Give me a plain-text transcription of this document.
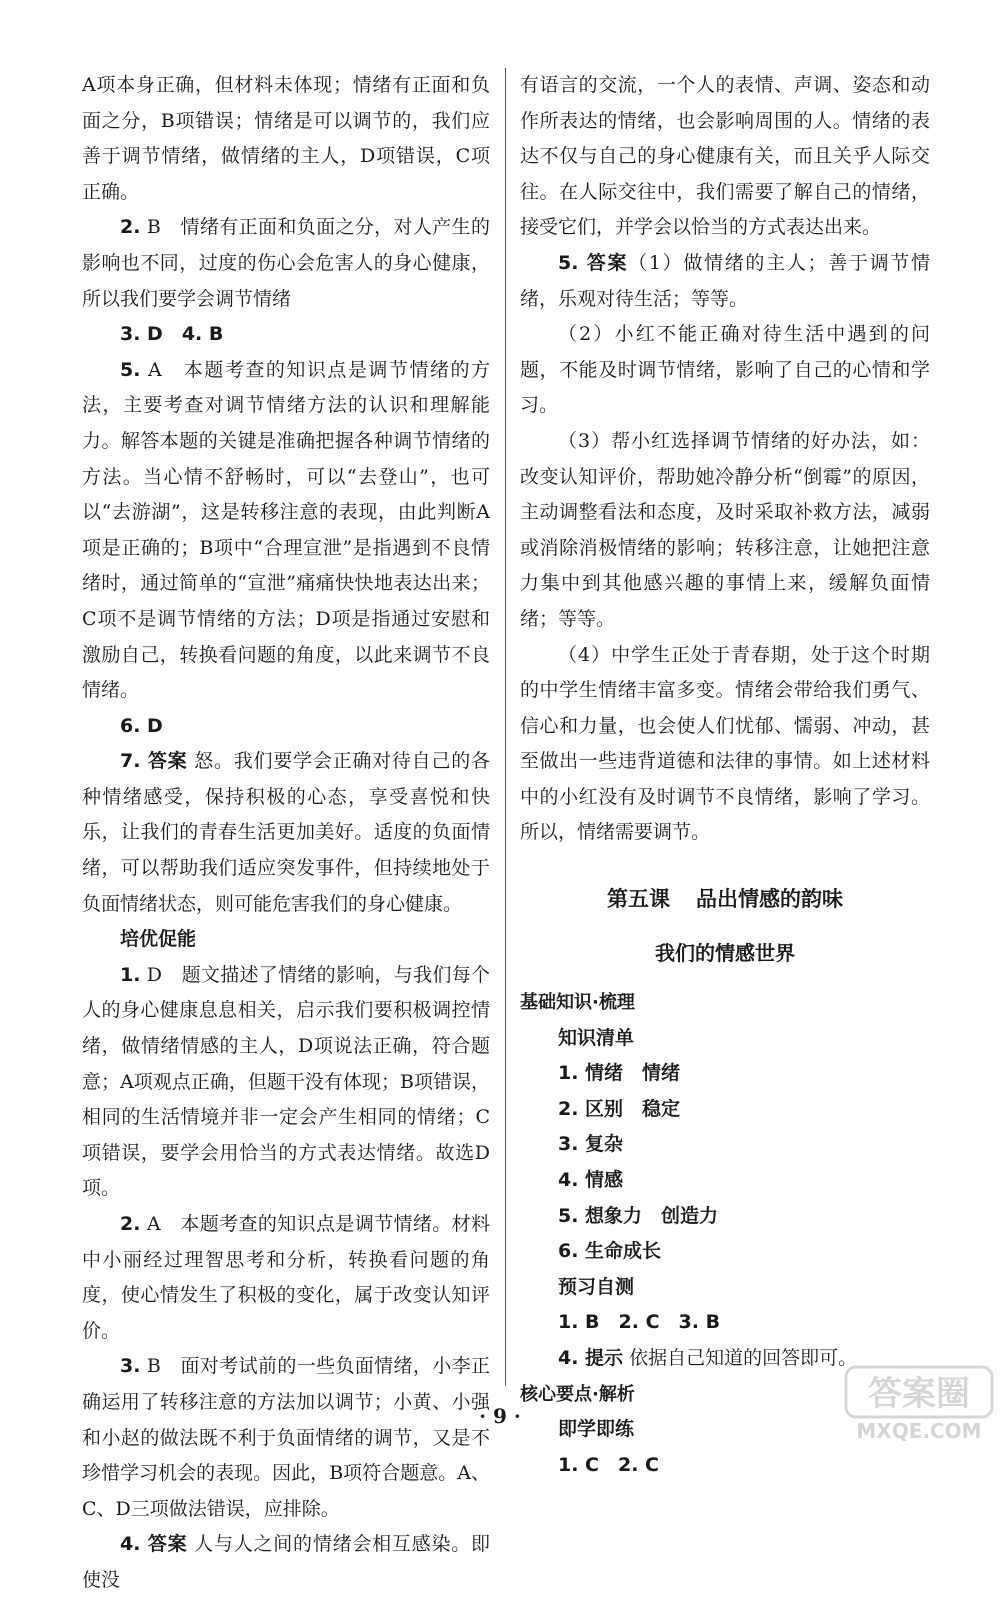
A项本身正确，但材料未体现；情绪有正面和负面之分，B项错误；情绪是可以调节的，我们应善于调节情绪，做情绪的主人，D项错误，C项正确。

2. B　情绪有正面和负面之分，对人产生的影响也不同，过度的伤心会危害人的身心健康，所以我们要学会调节情绪

3. D　4. B

5. A　本题考查的知识点是调节情绪的方法，主要考查对调节情绪方法的认识和理解能力。解答本题的关键是准确把握各种调节情绪的方法。当心情不舒畅时，可以“去登山”，也可以“去游湖”，这是转移注意的表现，由此判断A项是正确的；B项中“合理宣泄”是指遇到不良情绪时，通过简单的“宣泄”痛痛快快地表达出来；C项不是调节情绪的方法；D项是指通过安慰和激励自己，转换看问题的角度，以此来调节不良情绪。

6. D

7. 答案 怒。我们要学会正确对待自己的各种情绪感受，保持积极的心态，享受喜悦和快乐，让我们的青春生活更加美好。适度的负面情绪，可以帮助我们适应突发事件，但持续地处于负面情绪状态，则可能危害我们的身心健康。

培优促能

1. D　题文描述了情绪的影响，与我们每个人的身心健康息息相关，启示我们要积极调控情绪，做情绪情感的主人，D项说法正确，符合题意；A项观点正确，但题干没有体现；B项错误，相同的生活情境并非一定会产生相同的情绪；C项错误，要学会用恰当的方式表达情绪。故选D项。

2. A　本题考查的知识点是调节情绪。材料中小丽经过理智思考和分析，转换看问题的角度，使心情发生了积极的变化，属于改变认知评价。

3. B　面对考试前的一些负面情绪，小李正确运用了转移注意的方法加以调节；小黄、小强和小赵的做法既不利于负面情绪的调节，又是不珍惜学习机会的表现。因此，B项符合题意。A、C、D三项做法错误，应排除。

4. 答案 人与人之间的情绪会相互感染。即使没

有语言的交流，一个人的表情、声调、姿态和动作所表达的情绪，也会影响周围的人。情绪的表达不仅与自己的身心健康有关，而且关乎人际交往。在人际交往中，我们需要了解自己的情绪，接受它们，并学会以恰当的方式表达出来。

5. 答案（1）做情绪的主人；善于调节情绪，乐观对待生活；等等。

（2）小红不能正确对待生活中遇到的问题，不能及时调节情绪，影响了自己的心情和学习。

（3）帮小红选择调节情绪的好办法，如：改变认知评价，帮助她冷静分析“倒霉”的原因，主动调整看法和态度，及时采取补救方法，减弱或消除消极情绪的影响；转移注意，让她把注意力集中到其他感兴趣的事情上来，缓解负面情绪；等等。

（4）中学生正处于青春期，处于这个时期的中学生情绪丰富多变。情绪会带给我们勇气、信心和力量，也会使人们忧郁、懦弱、冲动，甚至做出一些违背道德和法律的事情。如上述材料中的小红没有及时调节不良情绪，影响了学习。所以，情绪需要调节。

第五课 品出情感的韵味
我们的情感世界

基础知识·梳理

知识清单

1. 情绪　情绪

2. 区别　稳定

3. 复杂

4. 情感

5. 想象力　创造力

6. 生命成长

预习自测

1. B　2. C　3. B

4. 提示 依据自己知道的回答即可。

核心要点·解析

即学即练

1. C　2. C

· 9 ·
答案圈
MXQE.COM
